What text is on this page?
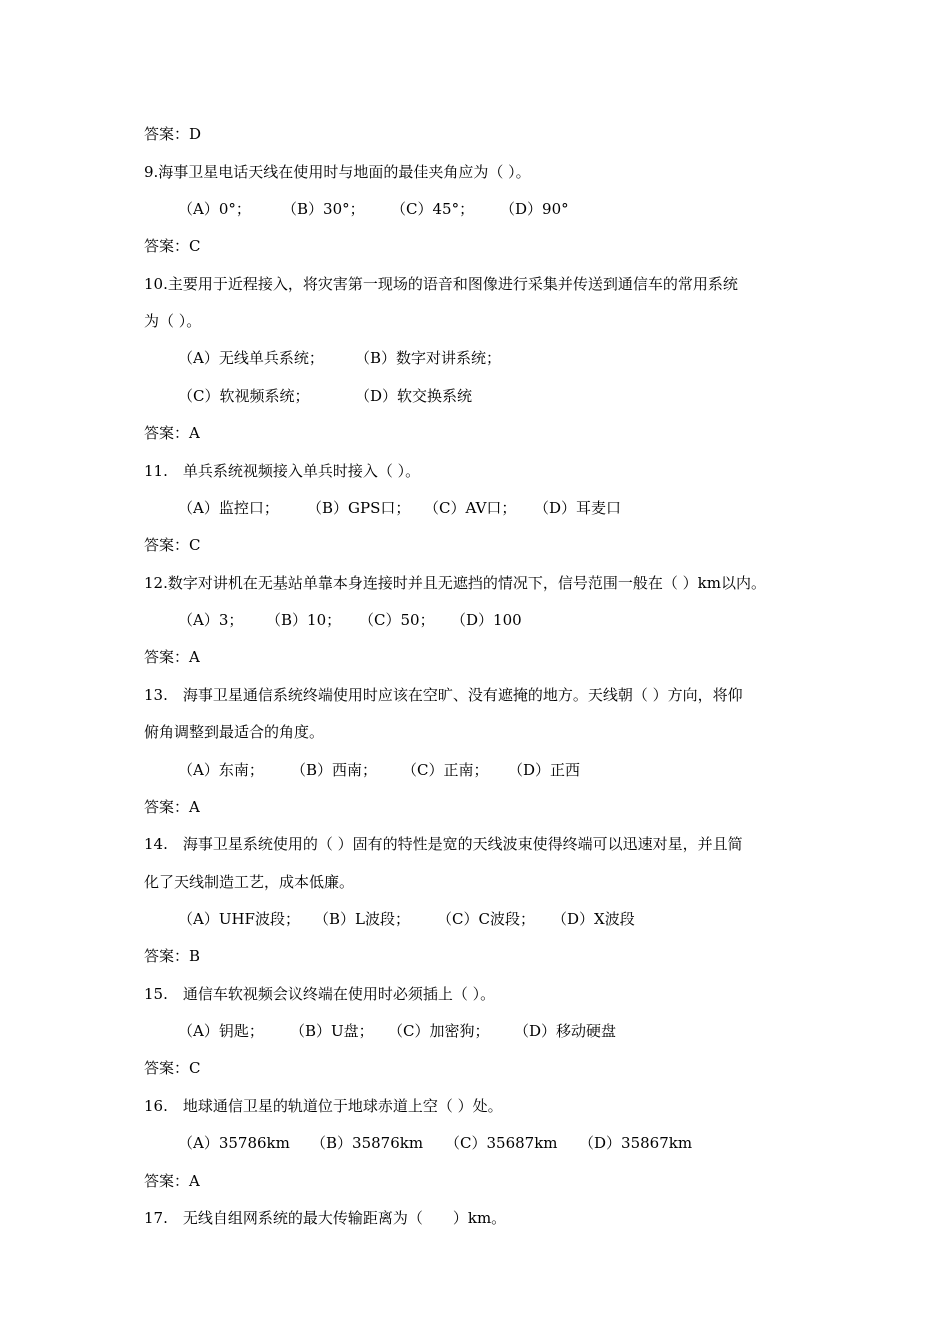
答案：D
9.海事卫星电话天线在使用时与地面的最佳夹角应为（ ）。
（A）0°； （B）30°； （C）45°； （D）90°
答案：C
10.主要用于近程接入，将灾害第一现场的语音和图像进行采集并传送到通信车的常用系统
为（ ）。
（A）无线单兵系统； （B）数字对讲系统；
（C）软视频系统；	（D）软交换系统
答案：A
11.　单兵系统视频接入单兵时接入（ ）。
（A）监控口； （B）GPS口； （C）AV口； （D）耳麦口
答案：C
12.数字对讲机在无基站单靠本身连接时并且无遮挡的情况下，信号范围一般在（ ）km以内。
（A）3； （B）10； （C）50； （D）100
答案：A
13.　海事卫星通信系统终端使用时应该在空旷、没有遮掩的地方。天线朝（ ）方向，将仰
俯角调整到最适合的角度。
（A）东南； （B）西南； （C）正南； （D）正西
答案：A
14.　海事卫星系统使用的（ ）固有的特性是宽的天线波束使得终端可以迅速对星，并且简
化了天线制造工艺，成本低廉。
（A）UHF波段； （B）L波段； （C）C波段； （D）X波段
答案：B
15.　通信车软视频会议终端在使用时必须插上（ ）。
（A）钥匙； （B）U盘； （C）加密狗； （D）移动硬盘
答案：C
16.　地球通信卫星的轨道位于地球赤道上空（ ）处。
（A）35786km （B）35876km （C）35687km （D）35867km
答案：A
17.　无线自组网系统的最大传输距离为（　　）km。
